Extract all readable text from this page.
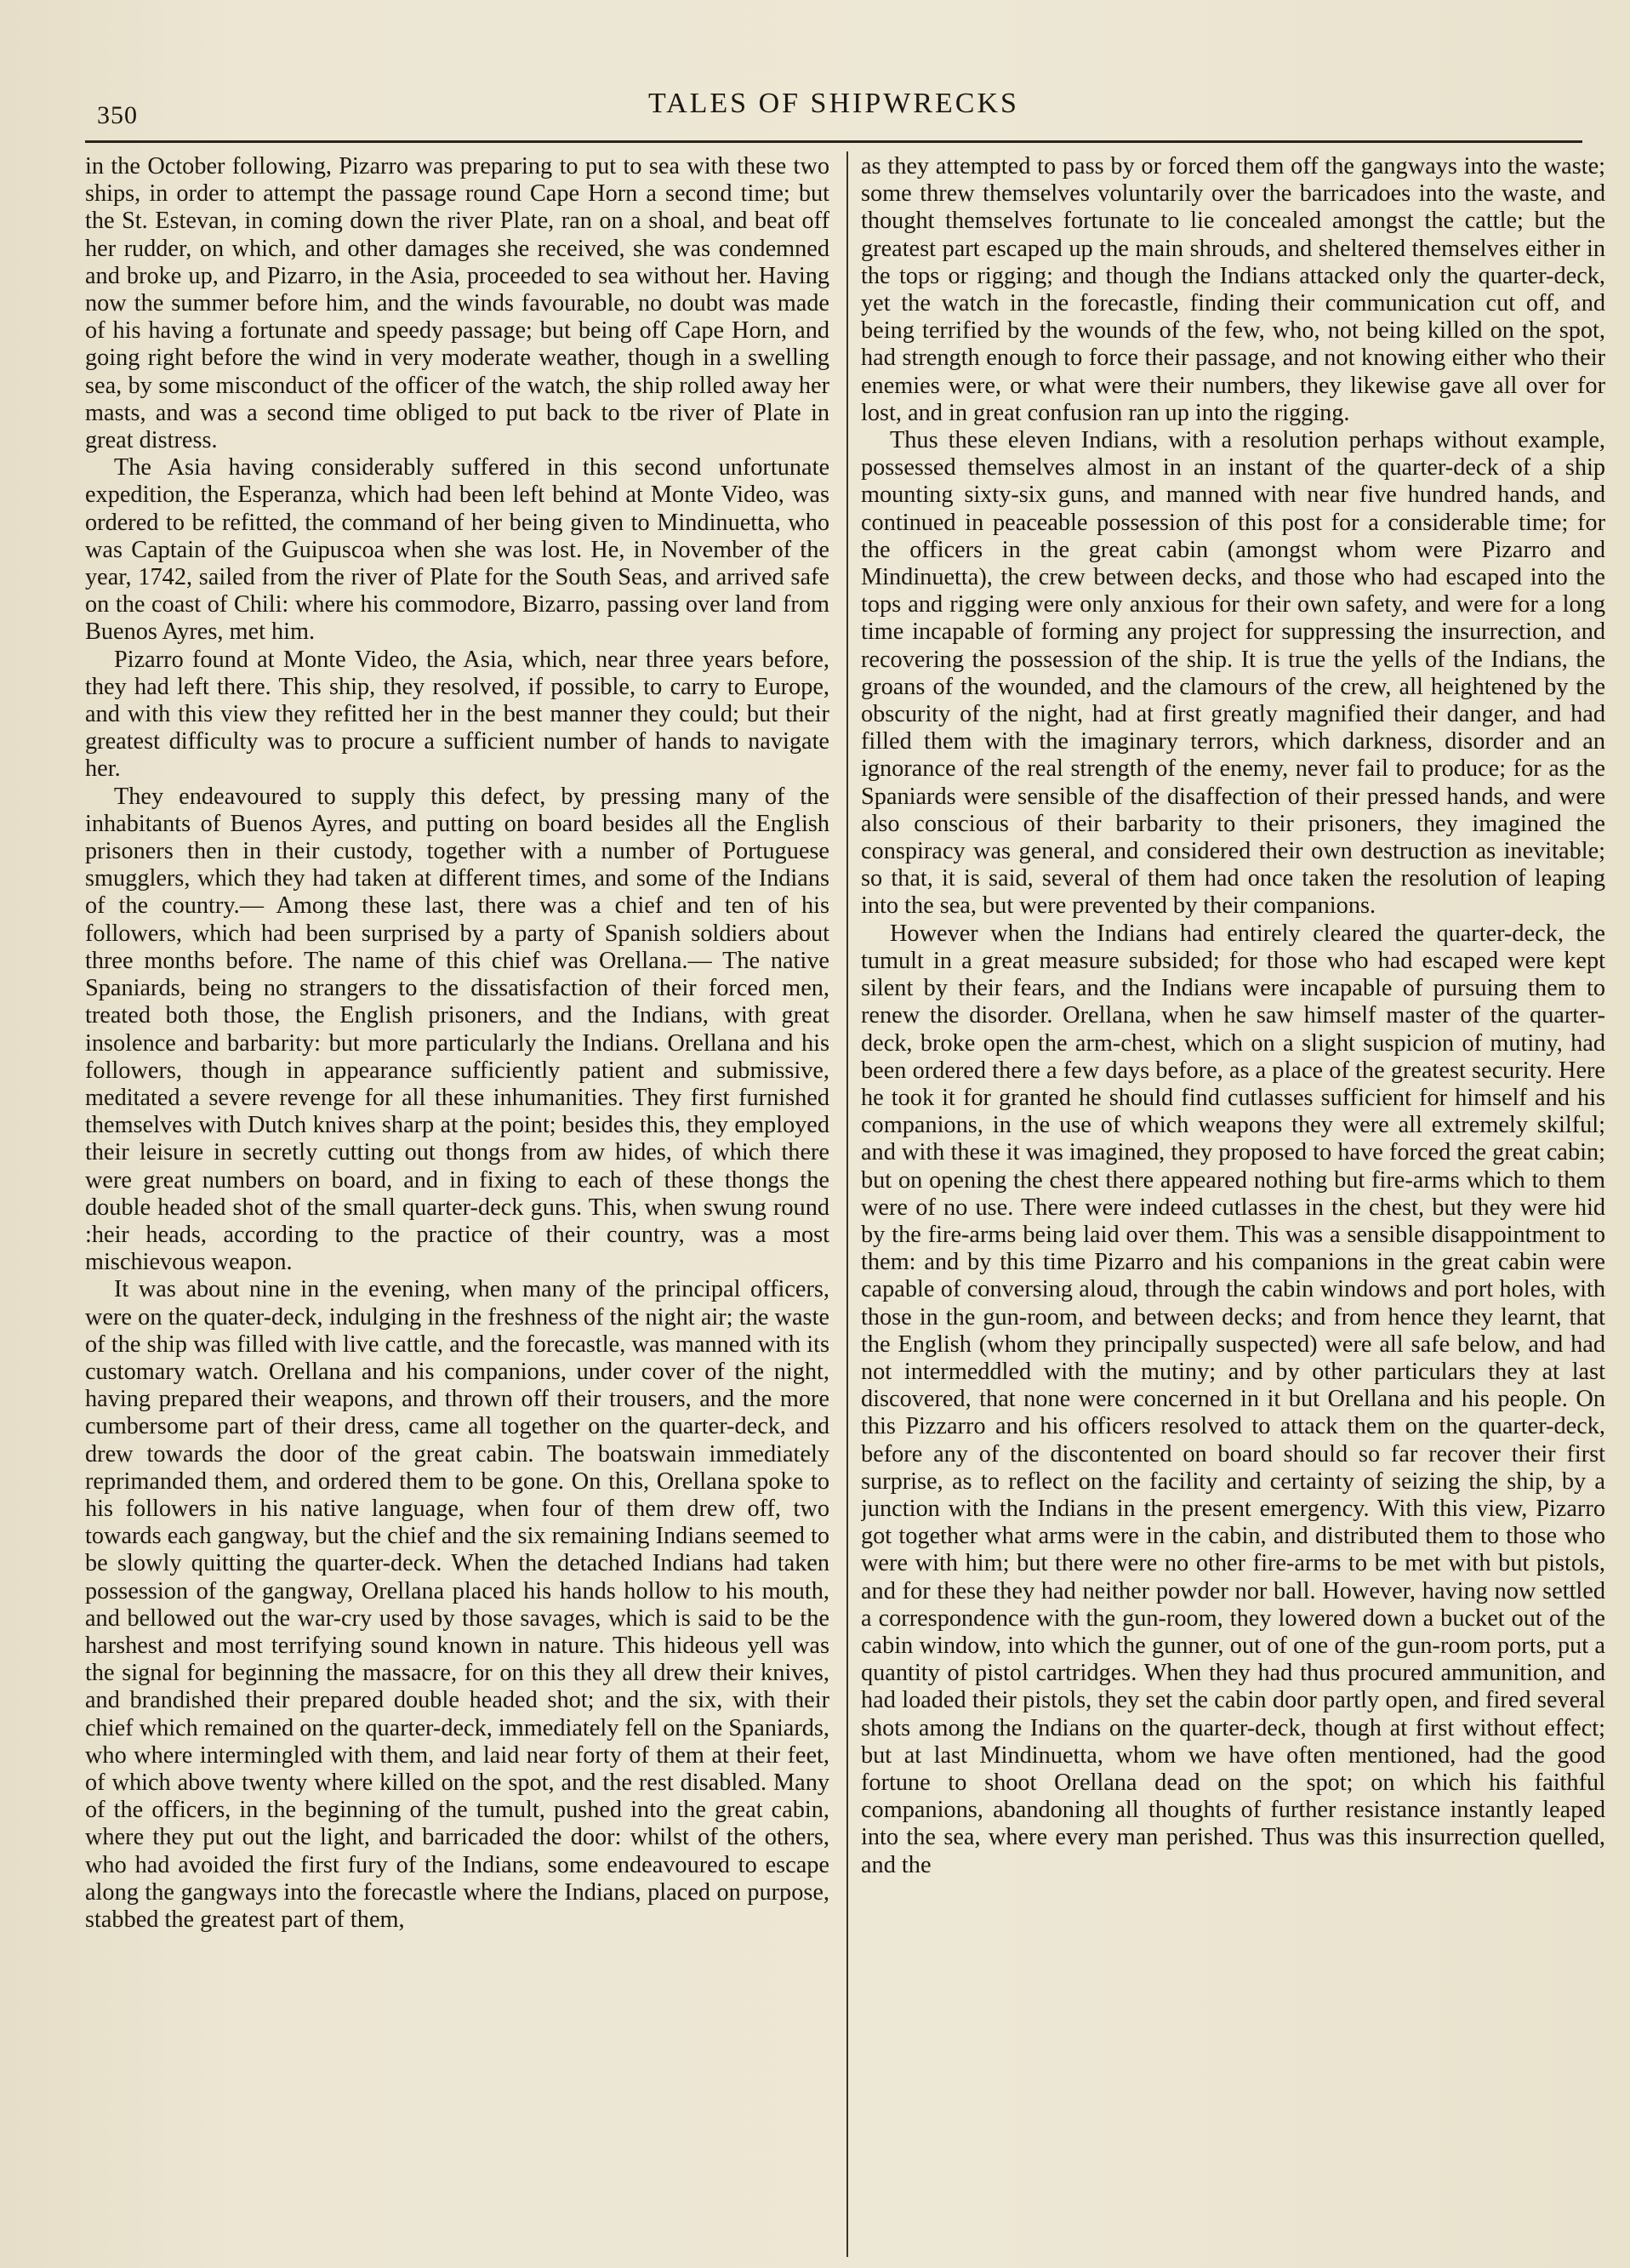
350	TALES OF SHIPWRECKS

in the October following, Pizarro was preparing to put to sea with these two ships, in order to attempt the passage round Cape Horn a second time; but the St. Estevan, in coming down the river Plate, ran on a shoal, and beat off her rudder, on which, and other damages she received, she was condemned and broke up, and Pizarro, in the Asia, proceeded to sea without her. Having now the summer before him, and the winds favourable, no doubt was made of his having a fortunate and speedy passage; but being off Cape Horn, and going right before the wind in very moderate weather, though in a swelling sea, by some misconduct of the officer of the watch, the ship rolled away her masts, and was a second time obliged to put back to tbe river of Plate in great distress.

The Asia having considerably suffered in this second unfortunate expedition, the Esperanza, which had been left behind at Monte Video, was ordered to be refitted, the command of her being given to Mindinuetta, who was Captain of the Guipuscoa when she was lost. He, in November of the year, 1742, sailed from the river of Plate for the South Seas, and arrived safe on the coast of Chili: where his commodore, Bizarro, passing over land from Buenos Ayres, met him.

Pizarro found at Monte Video, the Asia, which, near three years before, they had left there. This ship, they resolved, if possible, to carry to Europe, and with this view they refitted her in the best manner they could; but their greatest difficulty was to procure a sufficient number of hands to navigate her.

They endeavoured to supply this defect, by pressing many of the inhabitants of Buenos Ayres, and putting on board besides all the English prisoners then in their custody, together with a number of Portuguese smugglers, which they had taken at different times, and some of the Indians of the country.— Among these last, there was a chief and ten of his followers, which had been surprised by a party of Spanish soldiers about three months before. The name of this chief was Orellana.— The native Spaniards, being no strangers to the dissatisfaction of their forced men, treated both those, the English prisoners, and the Indians, with great insolence and barbarity: but more particularly the Indians. Orellana and his followers, though in appearance sufficiently patient and submissive, meditated a severe revenge for all these inhumanities. They first furnished themselves with Dutch knives sharp at the point; besides this, they employed their leisure in secretly cutting out thongs from aw hides, of which there were great numbers on board, and in fixing to each of these thongs the double headed shot of the small quarter-deck guns. This, when swung round :heir heads, according to the practice of their country, was a most mischievous weapon.

It was about nine in the evening, when many of the principal officers, were on the quater-deck, indulging in the freshness of the night air; the waste of the ship was filled with live cattle, and the forecastle, was manned with its customary watch. Orellana and his companions, under cover of the night, having prepared their weapons, and thrown off their trousers, and the more cumbersome part of their dress, came all together on the quarter-deck, and drew towards the door of the great cabin. The boatswain immediately reprimanded them, and ordered them to be gone. On this, Orellana spoke to his followers in his native language, when four of them drew off, two towards each gangway, but the chief and the six remaining Indians seemed to be slowly quitting the quarter-deck. When the detached Indians had taken possession of the gangway, Orellana placed his hands hollow to his mouth, and bellowed out the war-cry used by those savages, which is said to be the harshest and most terrifying sound known in nature. This hideous yell was the signal for beginning the massacre, for on this they all drew their knives, and brandished their prepared double headed shot; and the six, with their chief which remained on the quarter-deck, immediately fell on the Spaniards, who where intermingled with them, and laid near forty of them at their feet, of which above twenty where killed on the spot, and the rest disabled. Many of the officers, in the beginning of the tumult, pushed into the great cabin, where they put out the light, and barricaded the door: whilst of the others, who had avoided the first fury of the Indians, some endeavoured to escape along the gangways into the forecastle where the Indians, placed on purpose, stabbed the greatest part of them,

as they attempted to pass by or forced them off the gangways into the waste; some threw themselves voluntarily over the barricadoes into the waste, and thought themselves fortunate to lie concealed amongst the cattle; but the greatest part escaped up the main shrouds, and sheltered themselves either in the tops or rigging; and though the Indians attacked only the quarter-deck, yet the watch in the forecastle, finding their communication cut off, and being terrified by the wounds of the few, who, not being killed on the spot, had strength enough to force their passage, and not knowing either who their enemies were, or what were their numbers, they likewise gave all over for lost, and in great confusion ran up into the rigging.

Thus these eleven Indians, with a resolution perhaps without example, possessed themselves almost in an instant of the quarter-deck of a ship mounting sixty-six guns, and manned with near five hundred hands, and continued in peaceable possession of this post for a considerable time; for the officers in the great cabin (amongst whom were Pizarro and Mindinuetta), the crew between decks, and those who had escaped into the tops and rigging were only anxious for their own safety, and were for a long time incapable of forming any project for suppressing the insurrection, and recovering the possession of the ship. It is true the yells of the Indians, the groans of the wounded, and the clamours of the crew, all heightened by the obscurity of the night, had at first greatly magnified their danger, and had filled them with the imaginary terrors, which darkness, disorder and an ignorance of the real strength of the enemy, never fail to produce; for as the Spaniards were sensible of the disaffection of their pressed hands, and were also conscious of their barbarity to their prisoners, they imagined the conspiracy was general, and considered their own destruction as inevitable; so that, it is said, several of them had once taken the resolution of leaping into the sea, but were prevented by their companions.

However when the Indians had entirely cleared the quarter-deck, the tumult in a great measure subsided; for those who had escaped were kept silent by their fears, and the Indians were incapable of pursuing them to renew the disorder. Orellana, when he saw himself master of the quarter-deck, broke open the arm-chest, which on a slight suspicion of mutiny, had been ordered there a few days before, as a place of the greatest security. Here he took it for granted he should find cutlasses sufficient for himself and his companions, in the use of which weapons they were all extremely skilful; and with these it was imagined, they proposed to have forced the great cabin; but on opening the chest there appeared nothing but fire-arms which to them were of no use. There were indeed cutlasses in the chest, but they were hid by the fire-arms being laid over them. This was a sensible disappointment to them: and by this time Pizarro and his companions in the great cabin were capable of conversing aloud, through the cabin windows and port holes, with those in the gun-room, and between decks; and from hence they learnt, that the English (whom they principally suspected) were all safe below, and had not intermeddled with the mutiny; and by other particulars they at last discovered, that none were concerned in it but Orellana and his people. On this Pizzarro and his officers resolved to attack them on the quarter-deck, before any of the discontented on board should so far recover their first surprise, as to reflect on the facility and certainty of seizing the ship, by a junction with the Indians in the present emergency. With this view, Pizarro got together what arms were in the cabin, and distributed them to those who were with him; but there were no other fire-arms to be met with but pistols, and for these they had neither powder nor ball. However, having now settled a correspondence with the gun-room, they lowered down a bucket out of the cabin window, into which the gunner, out of one of the gun-room ports, put a quantity of pistol cartridges. When they had thus procured ammunition, and had loaded their pistols, they set the cabin door partly open, and fired several shots among the Indians on the quarter-deck, though at first without effect; but at last Mindinuetta, whom we have often mentioned, had the good fortune to shoot Orellana dead on the spot; on which his faithful companions, abandoning all thoughts of further resistance instantly leaped into the sea, where every man perished. Thus was this insurrection quelled, and the
